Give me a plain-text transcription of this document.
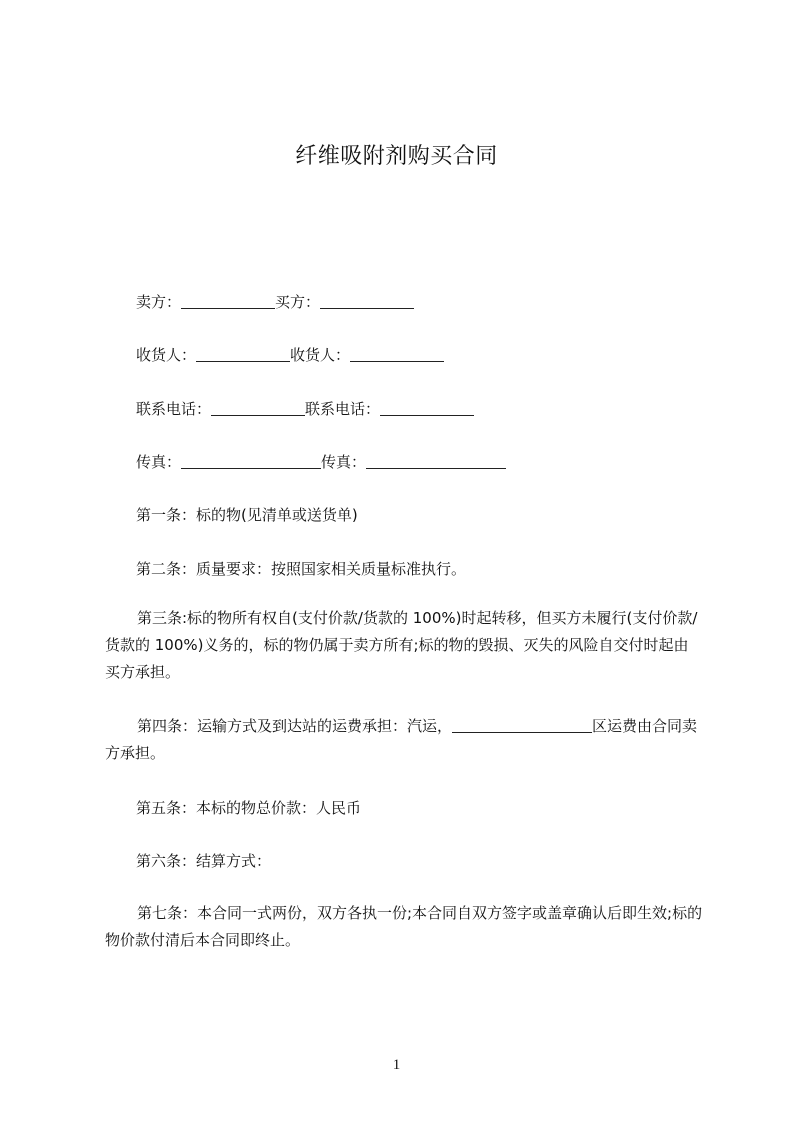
纤维吸附剂购买合同
卖方：	买方：
收货人：	收货人：
联系电话：	联系电话：
传真：	传真：
第一条：标的物(见清单或送货单)
第二条：质量要求：按照国家相关质量标准执行。
第三条:标的物所有权自(支付价款/货款的 100%)时起转移，但买方未履行(支付价款/货款的 100%)义务的，标的物仍属于卖方所有;标的物的毁损、灭失的风险自交付时起由买方承担。
第四条：运输方式及到达站的运费承担：汽运，	区运费由合同卖方承担。
第五条：本标的物总价款：人民币
第六条：结算方式：
第七条：本合同一式两份，双方各执一份;本合同自双方签字或盖章确认后即生效;标的物价款付清后本合同即终止。
1
